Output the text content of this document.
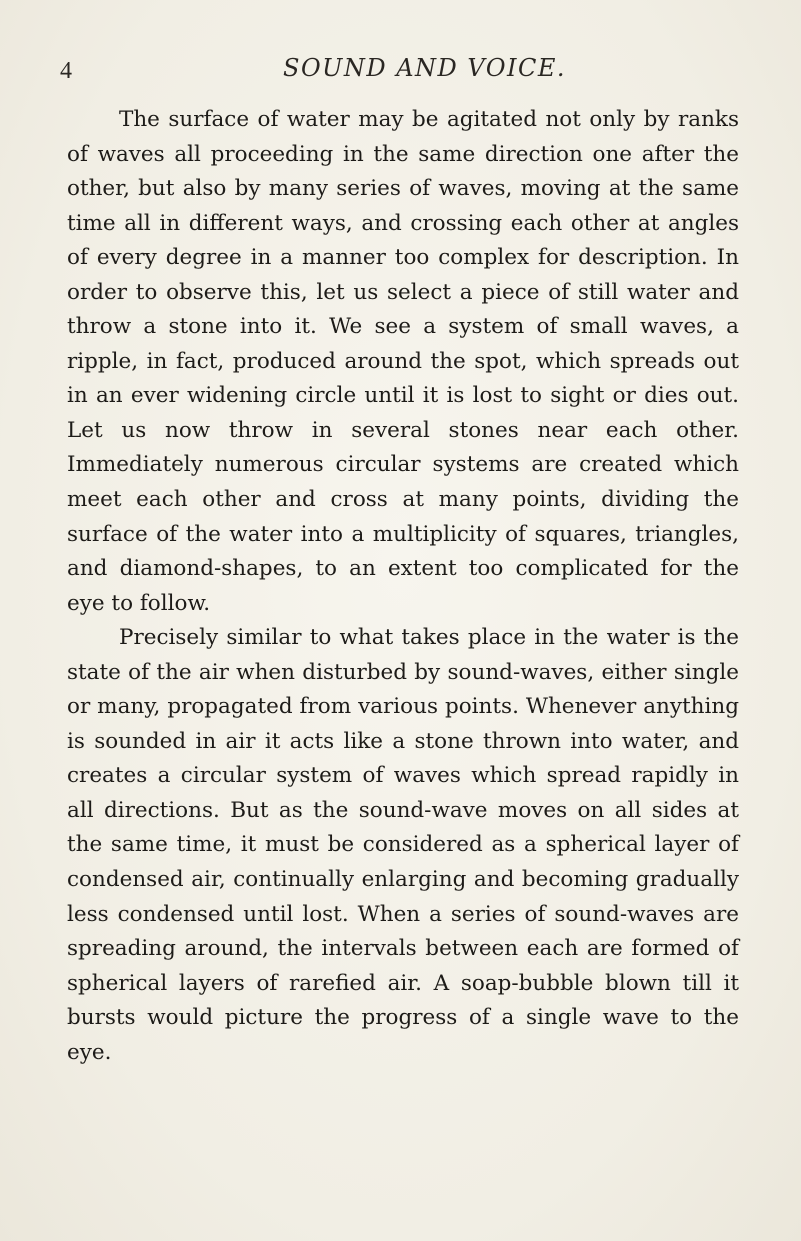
4	SOUND AND VOICE.

The surface of water may be agitated not only by ranks of waves all proceeding in the same direction one after the other, but also by many series of waves, moving at the same time all in different ways, and crossing each other at angles of every degree in a manner too complex for description. In order to observe this, let us select a piece of still water and throw a stone into it. We see a system of small waves, a ripple, in fact, produced around the spot, which spreads out in an ever widening circle until it is lost to sight or dies out. Let us now throw in several stones near each other. Immediately numerous circular systems are created which meet each other and cross at many points, dividing the surface of the water into a multiplicity of squares, triangles, and diamond-shapes, to an extent too complicated for the eye to follow.

Precisely similar to what takes place in the water is the state of the air when disturbed by sound-waves, either single or many, propagated from various points. Whenever anything is sounded in air it acts like a stone thrown into water, and creates a circular system of waves which spread rapidly in all directions. But as the sound-wave moves on all sides at the same time, it must be considered as a spherical layer of condensed air, continually enlarging and becoming gradually less condensed until lost. When a series of sound-waves are spreading around, the intervals between each are formed of spherical layers of rarefied air. A soap-bubble blown till it bursts would picture the progress of a single wave to the eye.
